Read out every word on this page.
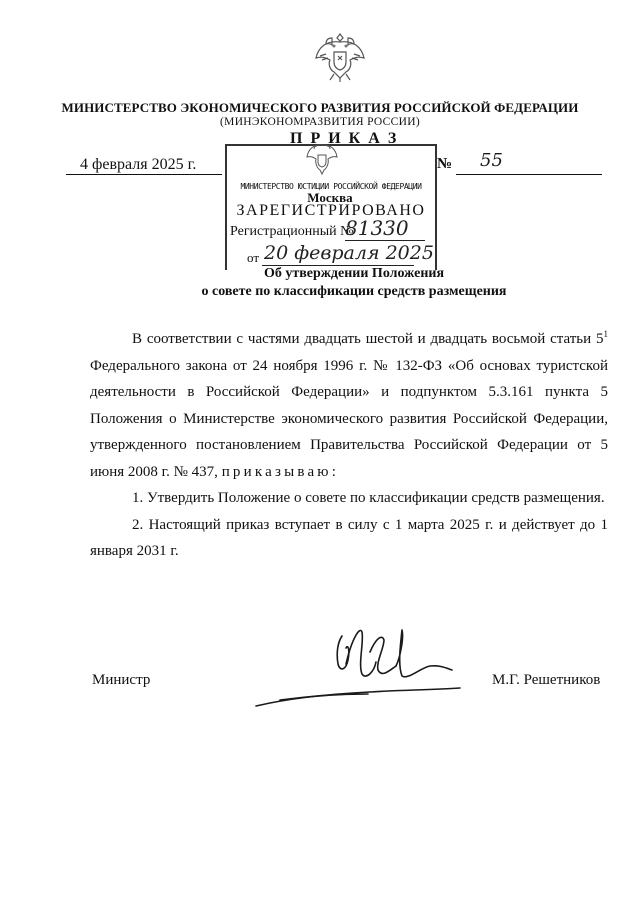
МИНИСТЕРСТВО ЭКОНОМИЧЕСКОГО РАЗВИТИЯ РОССИЙСКОЙ ФЕДЕРАЦИИ
(МИНЭКОНОМРАЗВИТИЯ РОССИИ)
П Р И К А З
4 февраля 2025 г.	№ 55
МИНИСТЕРСТВО ЮСТИЦИИ РОССИЙСКОЙ ФЕДЕРАЦИИ
Москва
ЗАРЕГИСТРИРОВАНО
Регистрационный №
81330
от 20 февраля 2025
Об утверждении Положения
о совете по классификации средств размещения

В соответствии с частями двадцать шестой и двадцать восьмой статьи $5^1$ Федерального закона от 24 ноября 1996 г. № 132-ФЗ «Об основах туристской деятельности в Российской Федерации» и подпунктом 5.3.161 пункта 5 Положения о Министерстве экономического развития Российской Федерации, утвержденного постановлением Правительства Российской Федерации от 5 июня 2008 г. № 437, приказываю:

1. Утвердить Положение о совете по классификации средств размещения.

2. Настоящий приказ вступает в силу с 1 марта 2025 г. и действует до 1 января 2031 г.

Министр	М.Г. Решетников
